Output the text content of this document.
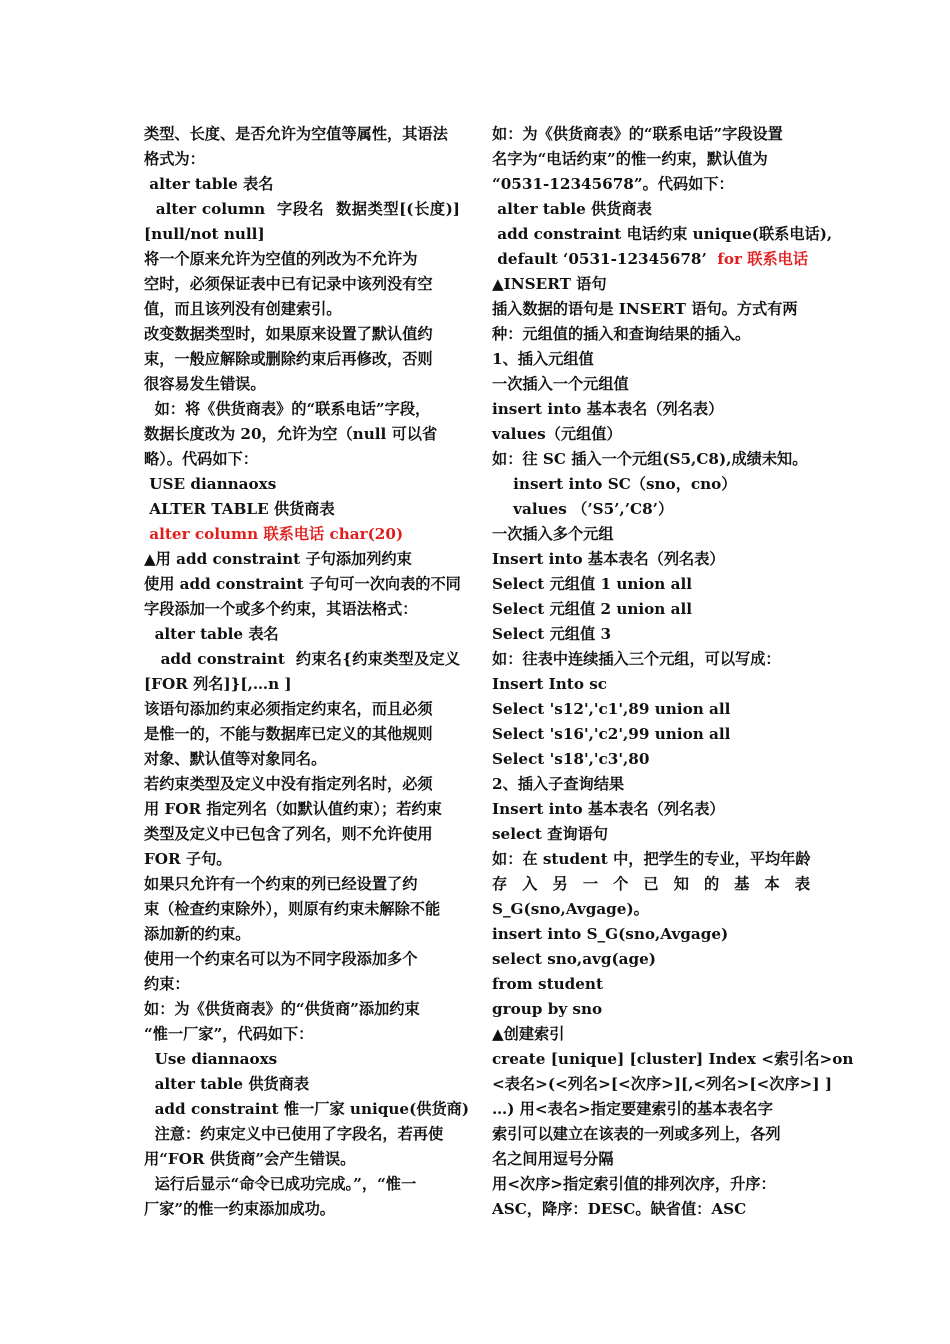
类型、长度、是否允许为空值等属性，其语法
格式为：
alter table 表名
alter column  字段名  数据类型[(长度)]
[null/not null]
将一个原来允许为空值的列改为不允许为
空时，必须保证表中已有记录中该列没有空
值，而且该列没有创建索引。
改变数据类型时，如果原来设置了默认值约
束，一般应解除或删除约束后再修改，否则
很容易发生错误。
如：将《供货商表》的“联系电话”字段，
数据长度改为 20，允许为空（null 可以省
略）。代码如下：
USE diannaoxs
ALTER TABLE 供货商表
alter column 联系电话 char(20)
▲用 add constraint 子句添加列约束
使用 add constraint 子句可一次向表的不同
字段添加一个或多个约束，其语法格式：
alter table 表名
add constraint  约束名{约束类型及定义
[FOR 列名]}[,…n ]
该语句添加约束必须指定约束名，而且必须
是惟一的，不能与数据库已定义的其他规则
对象、默认值等对象同名。
若约束类型及定义中没有指定列名时，必须
用 FOR 指定列名（如默认值约束）；若约束
类型及定义中已包含了列名，则不允许使用
FOR 子句。
如果只允许有一个约束的列已经设置了约
束（检查约束除外），则原有约束未解除不能
添加新的约束。
使用一个约束名可以为不同字段添加多个
约束：
如：为《供货商表》的“供货商”添加约束
“惟一厂家”，代码如下：
Use diannaoxs
alter table 供货商表
add constraint 惟一厂家 unique(供货商)
注意：约束定义中已使用了字段名，若再使
用“FOR 供货商”会产生错误。
运行后显示“命令已成功完成。”，“惟一
厂家”的惟一约束添加成功。
如：为《供货商表》的“联系电话”字段设置
名字为“电话约束”的惟一约束，默认值为
“0531-12345678”。代码如下：
alter table 供货商表
add constraint 电话约束 unique(联系电话),
default ‘0531-12345678’  for 联系电话
▲INSERT 语句
插入数据的语句是 INSERT 语句。方式有两
种：元组值的插入和查询结果的插入。
1、插入元组值
一次插入一个元组值
insert into 基本表名（列名表）
values（元组值）
如：往 SC 插入一个元组(S5,C8),成绩未知。
insert into SC（sno，cno）
values （’S5’,’C8’）
一次插入多个元组
Insert into 基本表名（列名表）
Select 元组值 1 union all
Select 元组值 2 union all
Select 元组值 3
如：往表中连续插入三个元组，可以写成：
Insert Into sc
Select 's12','c1',89 union all
Select 's16','c2',99 union all
Select 's18','c3',80
2、插入子查询结果
Insert into 基本表名（列名表）
select 查询语句
如：在 student 中，把学生的专业，平均年龄
存入另一个已知的基本表
S_G(sno,Avgage)。
insert into S_G(sno,Avgage)
select sno,avg(age)
from student
group by sno
▲创建索引
create [unique] [cluster] Index <索引名>on
<表名>(<列名>[<次序>][,<列名>[<次序>] ]
…) 用<表名>指定要建索引的基本表名字
索引可以建立在该表的一列或多列上，各列
名之间用逗号分隔
用<次序>指定索引值的排列次序，升序：
ASC，降序：DESC。缺省值：ASC
